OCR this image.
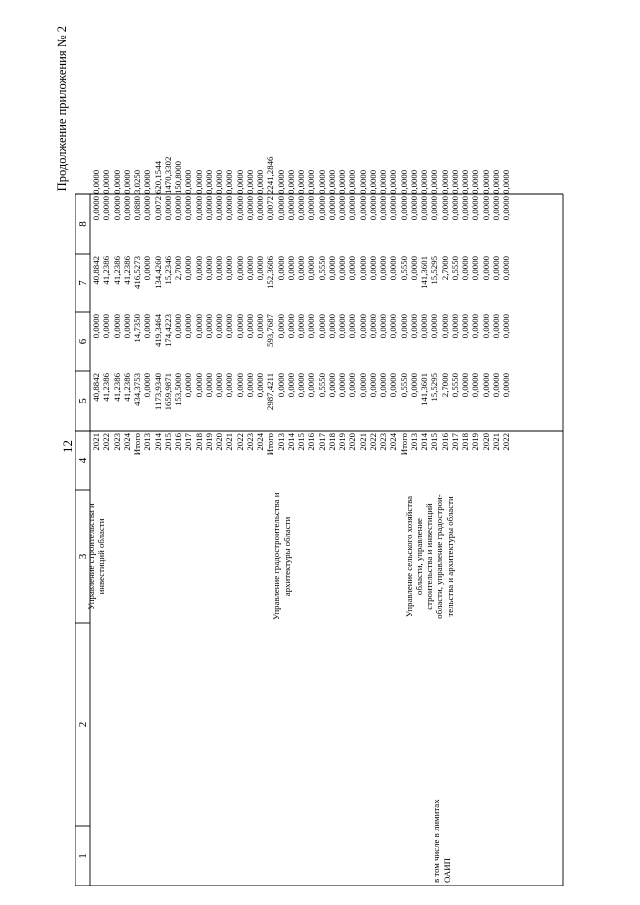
Продолжение приложения № 2
12
1
2
3
4
5
6
7
8
в том числе в лимитах ОАИП
Управление строительства и инвестиций области	Управление градостроительства и архитектуры области	Управление сельского хозяйства области, управление строительства и инвестиций области, управление градострои- тельства и архитектуры области
2021
40,8842
0,0000
40,8842
0,0000
0,0000
2022
41,2386
0,0000
41,2386
0,0000
0,0000
2023
41,2386
0,0000
41,2386
0,0000
0,0000
2024
41,2386
0,0000
41,2386
0,0000
0,0000
Итого
434,3753
14,7350
416,5273
0,0880
3,0250
2013
0,0000
0,0000
0,0000
0,0000
0,0000
2014
1173,9340
419,3464
134,4260
0,0072
620,1544
2015
1659,9871
174,4223
15,2346
0,0000
1470,3302
2016
153,5000
0,0000
2,7000
0,0000
150,8000
2017
0,0000
0,0000
0,0000
0,0000
0,0000
2018
0,0000
0,0000
0,0000
0,0000
0,0000
2019
0,0000
0,0000
0,0000
0,0000
0,0000
2020
0,0000
0,0000
0,0000
0,0000
0,0000
2021
0,0000
0,0000
0,0000
0,0000
0,0000
2022
0,0000
0,0000
0,0000
0,0000
0,0000
2023
0,0000
0,0000
0,0000
0,0000
0,0000
2024
0,0000
0,0000
0,0000
0,0000
0,0000
Итого
2987,4211
593,7687
152,3606
0,0072
2241,2846
2013
0,0000
0,0000
0,0000
0,0000
0,0000
2014
0,0000
0,0000
0,0000
0,0000
0,0000
2015
0,0000
0,0000
0,0000
0,0000
0,0000
2016
0,0000
0,0000
0,0000
0,0000
0,0000
2017
0,5550
0,0000
0,5550
0,0000
0,0000
2018
0,0000
0,0000
0,0000
0,0000
0,0000
2019
0,0000
0,0000
0,0000
0,0000
0,0000
2020
0,0000
0,0000
0,0000
0,0000
0,0000
2021
0,0000
0,0000
0,0000
0,0000
0,0000
2022
0,0000
0,0000
0,0000
0,0000
0,0000
2023
0,0000
0,0000
0,0000
0,0000
0,0000
2024
0,0000
0,0000
0,0000
0,0000
0,0000
Итого
0,5550
0,0000
0,5550
0,0000
0,0000
2013
0,0000
0,0000
0,0000
0,0000
0,0000
2014
141,3601
0,0000
141,3601
0,0000
0,0000
2015
15,5295
0,0000
15,5295
0,0000
0,0000
2016
2,7000
0,0000
2,7000
0,0000
0,0000
2017
0,5550
0,0000
0,5550
0,0000
0,0000
2018
0,0000
0,0000
0,0000
0,0000
0,0000
2019
0,0000
0,0000
0,0000
0,0000
0,0000
2020
0,0000
0,0000
0,0000
0,0000
0,0000
2021
0,0000
0,0000
0,0000
0,0000
0,0000
2022
0,0000
0,0000
0,0000
0,0000
0,0000
